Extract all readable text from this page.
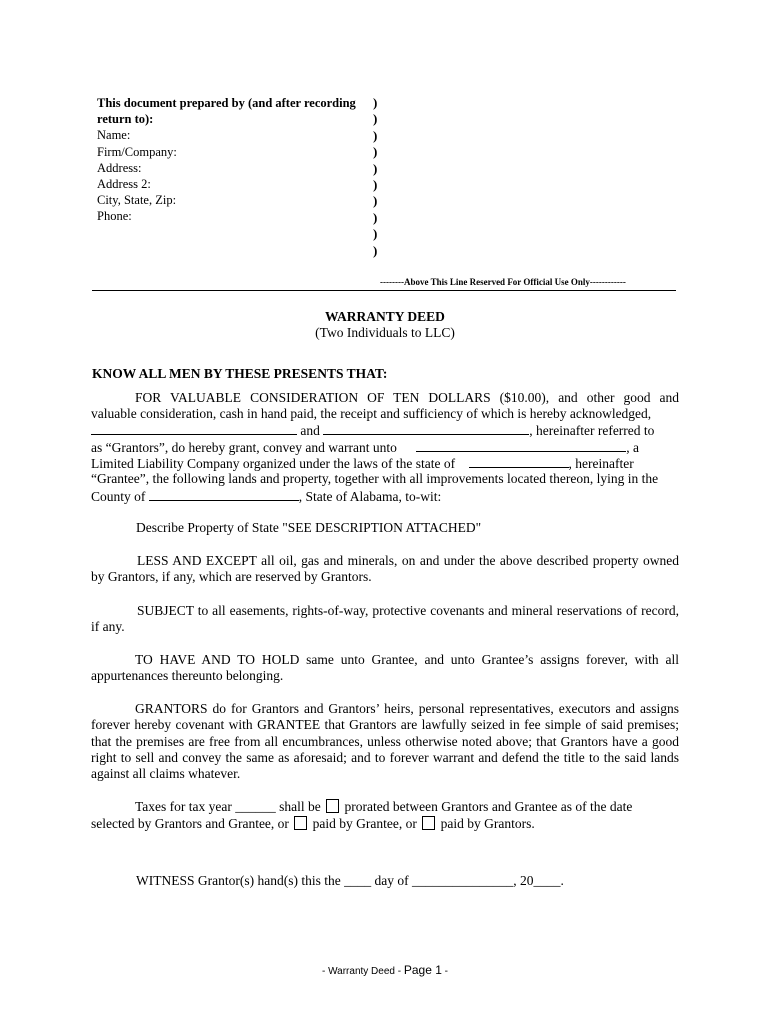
This document prepared by (and after recording
return to):
Name:
Firm/Company:
Address:
Address 2:
City, State, Zip:
Phone:
)
)
)
)
)
)
)
)
)
)
--------Above This Line Reserved For Official Use Only------------
WARRANTY DEED
(Two Individuals to LLC)
KNOW ALL MEN BY THESE PRESENTS THAT:
FOR VALUABLE CONSIDERATION OF TEN DOLLARS ($10.00), and other good and
valuable consideration, cash in hand paid, the receipt and sufficiency of which is hereby acknowledged,
and	, hereinafter referred to
as “Grantors”, do hereby grant, convey and warrant unto	, a
Limited Liability Company organized under the laws of the state of	, hereinafter
“Grantee”, the following lands and property, together with all improvements located thereon, lying in the
County of	, State of Alabama, to-wit:
Describe Property of State "SEE DESCRIPTION ATTACHED"
LESS AND EXCEPT all oil, gas and minerals, on and under the above described property owned by Grantors, if any, which are reserved by Grantors.
SUBJECT to all easements, rights-of-way, protective covenants and mineral reservations of record, if any.
TO HAVE AND TO HOLD same unto Grantee, and unto Grantee’s assigns forever, with all appurtenances thereunto belonging.
GRANTORS do for Grantors and Grantors’ heirs, personal representatives, executors and assigns forever hereby covenant with GRANTEE that Grantors are lawfully seized in fee simple of said premises; that the premises are free from all encumbrances, unless otherwise noted above; that Grantors have a good right to sell and convey the same as aforesaid; and to forever warrant and defend the title to the said lands against all claims whatever.
Taxes for tax year ______ shall be prorated between Grantors and Grantee as of the date
selected by Grantors and Grantee, or paid by Grantee, or paid by Grantors.
WITNESS Grantor(s) hand(s) this the ____ day of _______________, 20____.
- Warranty Deed - Page 1 -
